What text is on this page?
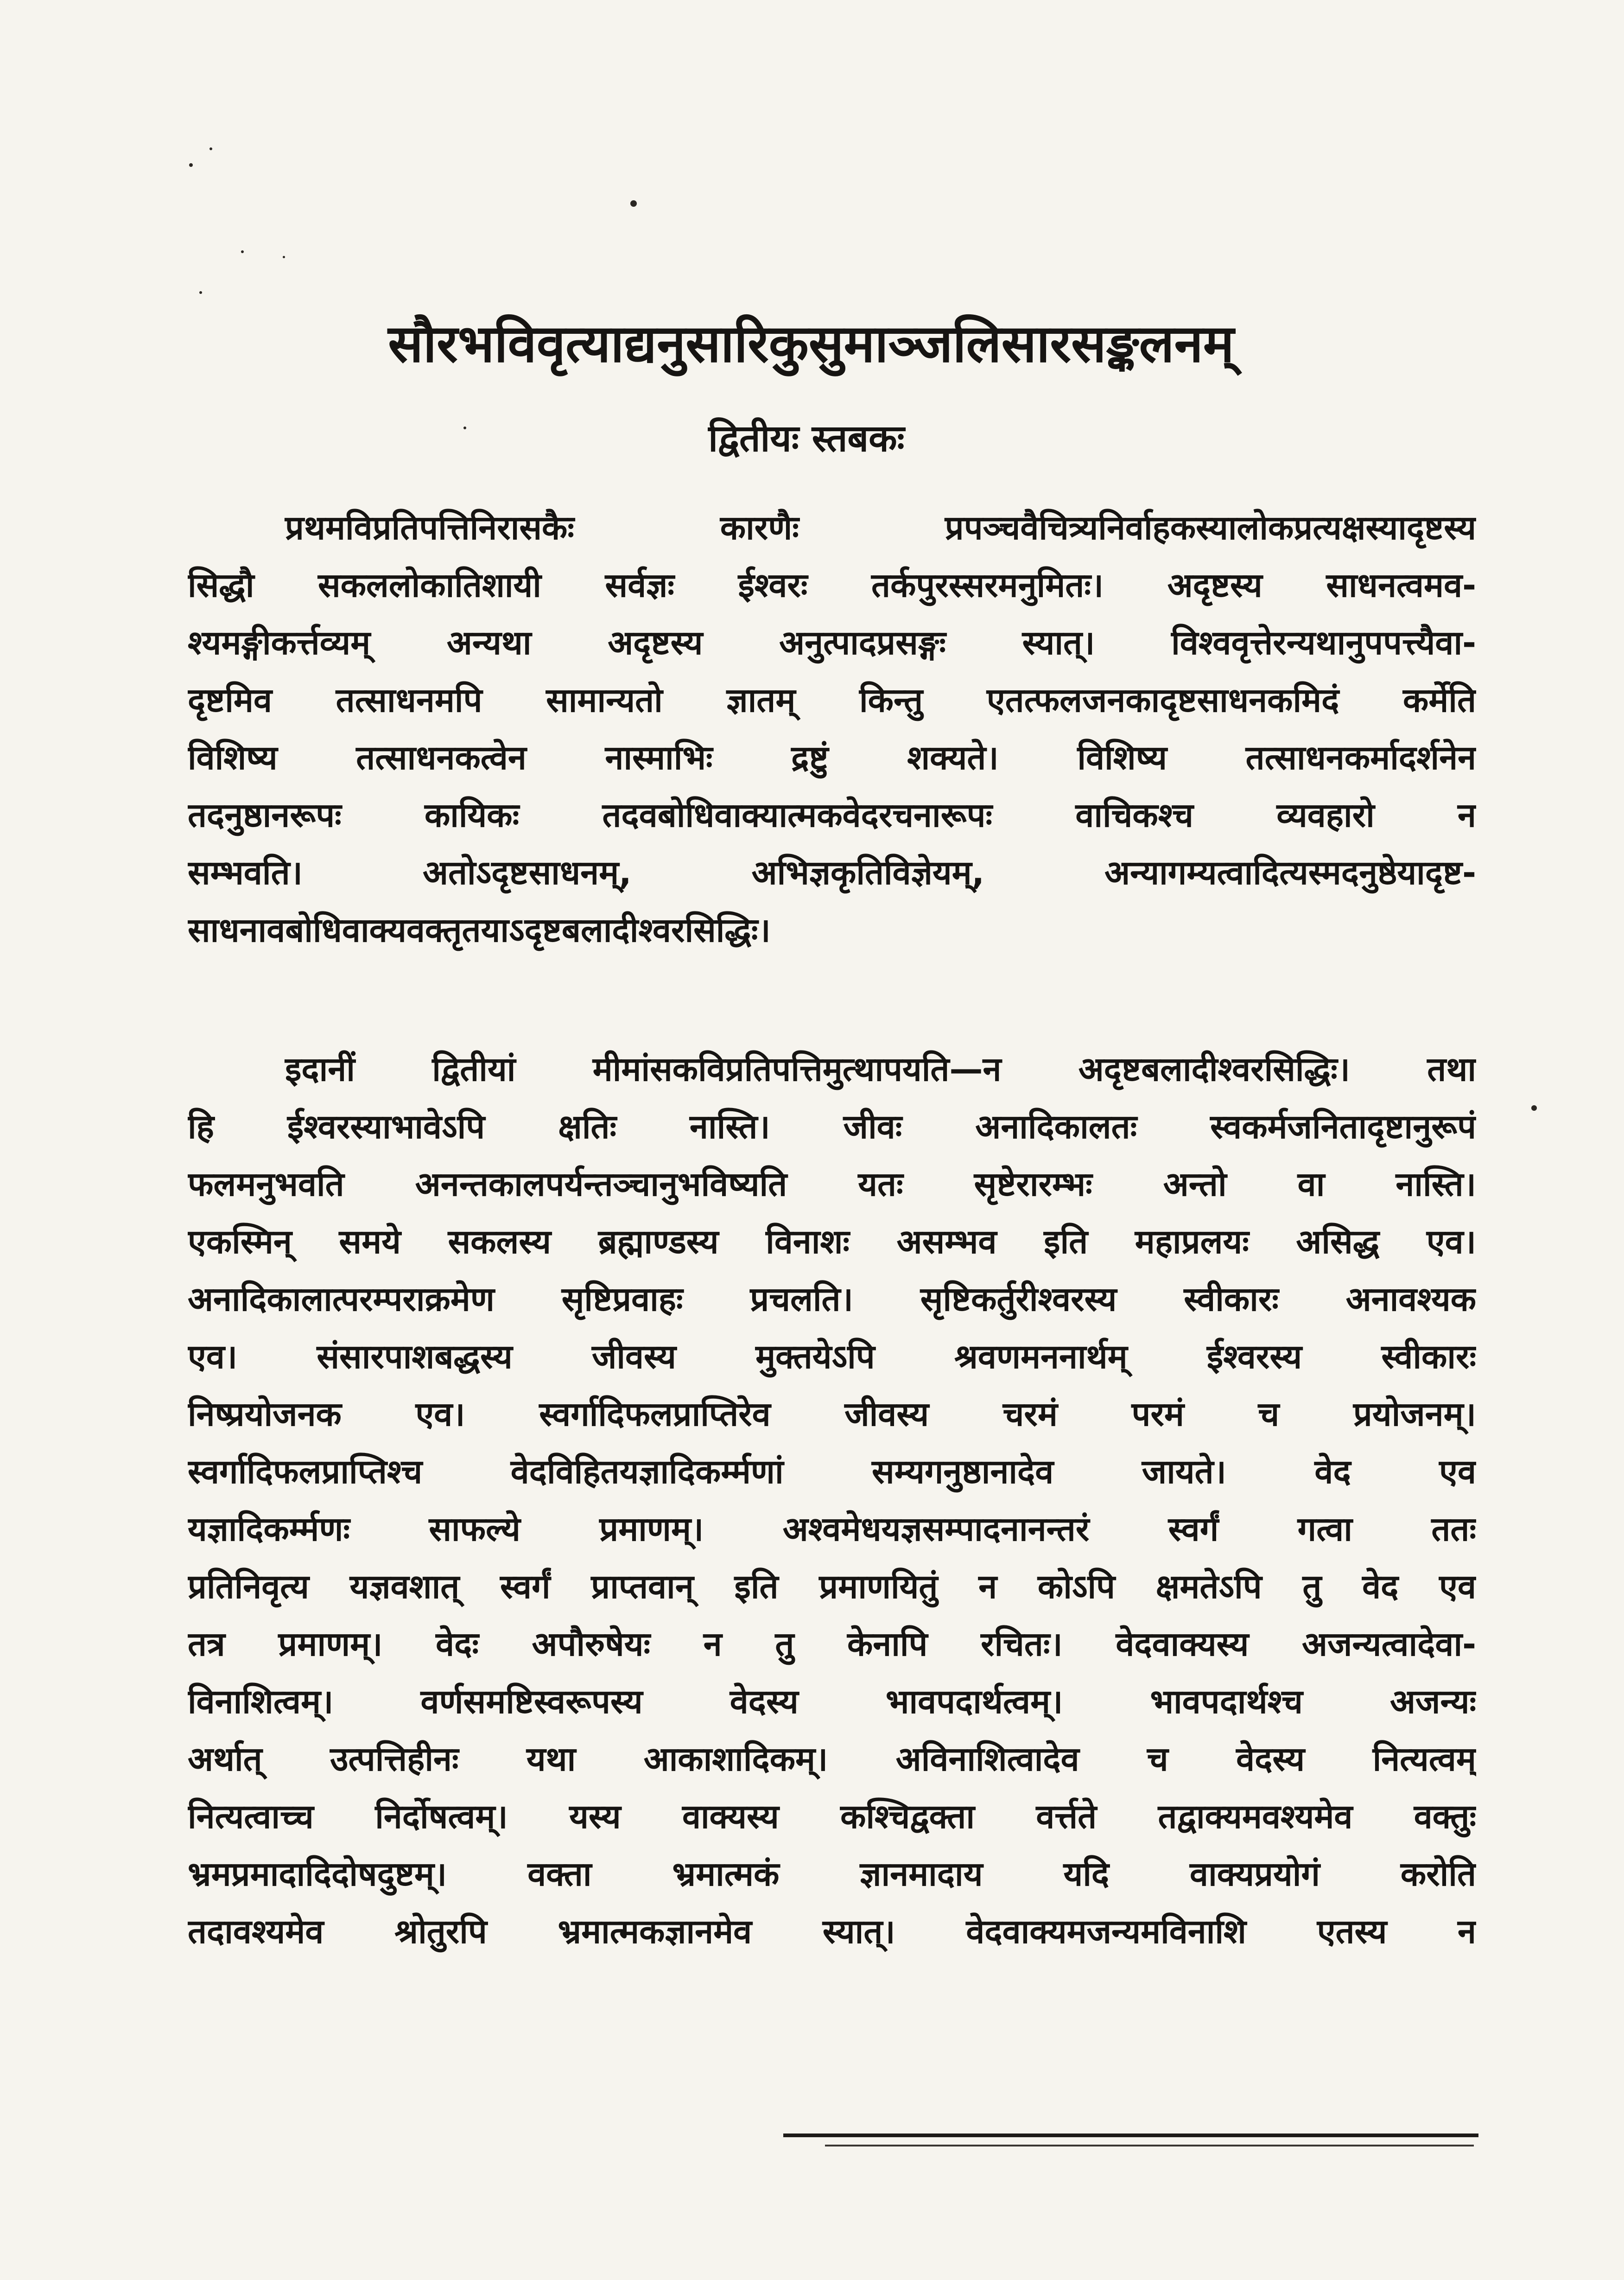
सौरभविवृत्याद्यनुसारिकुसुमाञ्जलिसारसङ्कलनम्
द्वितीयः स्तबकः
प्रथमविप्रतिपत्तिनिरासकैः कारणैः प्रपञ्चवैचित्र्यनिर्वाहकस्यालोकप्रत्यक्षस्यादृष्टस्य
सिद्धौ सकललोकातिशायी सर्वज्ञः ईश्वरः तर्कपुरस्सरमनुमितः। अदृष्टस्य साधनत्वमव-
श्यमङ्गीकर्त्तव्यम् अन्यथा अदृष्टस्य अनुत्पादप्रसङ्गः स्यात्। विश्ववृत्तेरन्यथानुपपत्त्यैवा-
दृष्टमिव तत्साधनमपि सामान्यतो ज्ञातम् किन्तु एतत्फलजनकादृष्टसाधनकमिदं कर्मेति
विशिष्य तत्साधनकत्वेन नास्माभिः द्रष्टुं शक्यते। विशिष्य तत्साधनकर्मादर्शनेन
तदनुष्ठानरूपः कायिकः तदवबोधिवाक्यात्मकवेदरचनारूपः वाचिकश्च व्यवहारो न
सम्भवति। अतोऽदृष्टसाधनम्, अभिज्ञकृतिविज्ञेयम्, अन्यागम्यत्वादित्यस्मदनुष्ठेयादृष्ट-
साधनावबोधिवाक्यवक्तृतयाऽदृष्टबलादीश्वरसिद्धिः।
इदानीं द्वितीयां मीमांसकविप्रतिपत्तिमुत्थापयति—न अदृष्टबलादीश्वरसिद्धिः। तथा
हि ईश्वरस्याभावेऽपि क्षतिः नास्ति। जीवः अनादिकालतः स्वकर्मजनितादृष्टानुरूपं
फलमनुभवति अनन्तकालपर्यन्तञ्चानुभविष्यति यतः सृष्टेरारम्भः अन्तो वा नास्ति।
एकस्मिन् समये सकलस्य ब्रह्माण्डस्य विनाशः असम्भव इति महाप्रलयः असिद्ध एव।
अनादिकालात्परम्पराक्रमेण सृष्टिप्रवाहः प्रचलति। सृष्टिकर्तुरीश्वरस्य स्वीकारः अनावश्यक
एव। संसारपाशबद्धस्य जीवस्य मुक्तयेऽपि श्रवणमननार्थम् ईश्वरस्य स्वीकारः
निष्प्रयोजनक एव। स्वर्गादिफलप्राप्तिरेव जीवस्य चरमं परमं च प्रयोजनम्।
स्वर्गादिफलप्राप्तिश्च वेदविहितयज्ञादिकर्म्मणां सम्यगनुष्ठानादेव जायते। वेद एव
यज्ञादिकर्म्मणः साफल्ये प्रमाणम्। अश्वमेधयज्ञसम्पादनानन्तरं स्वर्गं गत्वा ततः
प्रतिनिवृत्य यज्ञवशात् स्वर्गं प्राप्तवान् इति प्रमाणयितुं न कोऽपि क्षमतेऽपि तु वेद एव
तत्र प्रमाणम्। वेदः अपौरुषेयः न तु केनापि रचितः। वेदवाक्यस्य अजन्यत्वादेवा-
विनाशित्वम्। वर्णसमष्टिस्वरूपस्य वेदस्य भावपदार्थत्वम्। भावपदार्थश्च अजन्यः
अर्थात् उत्पत्तिहीनः यथा आकाशादिकम्। अविनाशित्वादेव च वेदस्य नित्यत्वम्
नित्यत्वाच्च निर्दोषत्वम्। यस्य वाक्यस्य कश्चिद्वक्ता वर्त्तते तद्वाक्यमवश्यमेव वक्तुः
भ्रमप्रमादादिदोषदुष्टम्। वक्ता भ्रमात्मकं ज्ञानमादाय यदि वाक्यप्रयोगं करोति
तदावश्यमेव श्रोतुरपि भ्रमात्मकज्ञानमेव स्यात्। वेदवाक्यमजन्यमविनाशि एतस्य न
